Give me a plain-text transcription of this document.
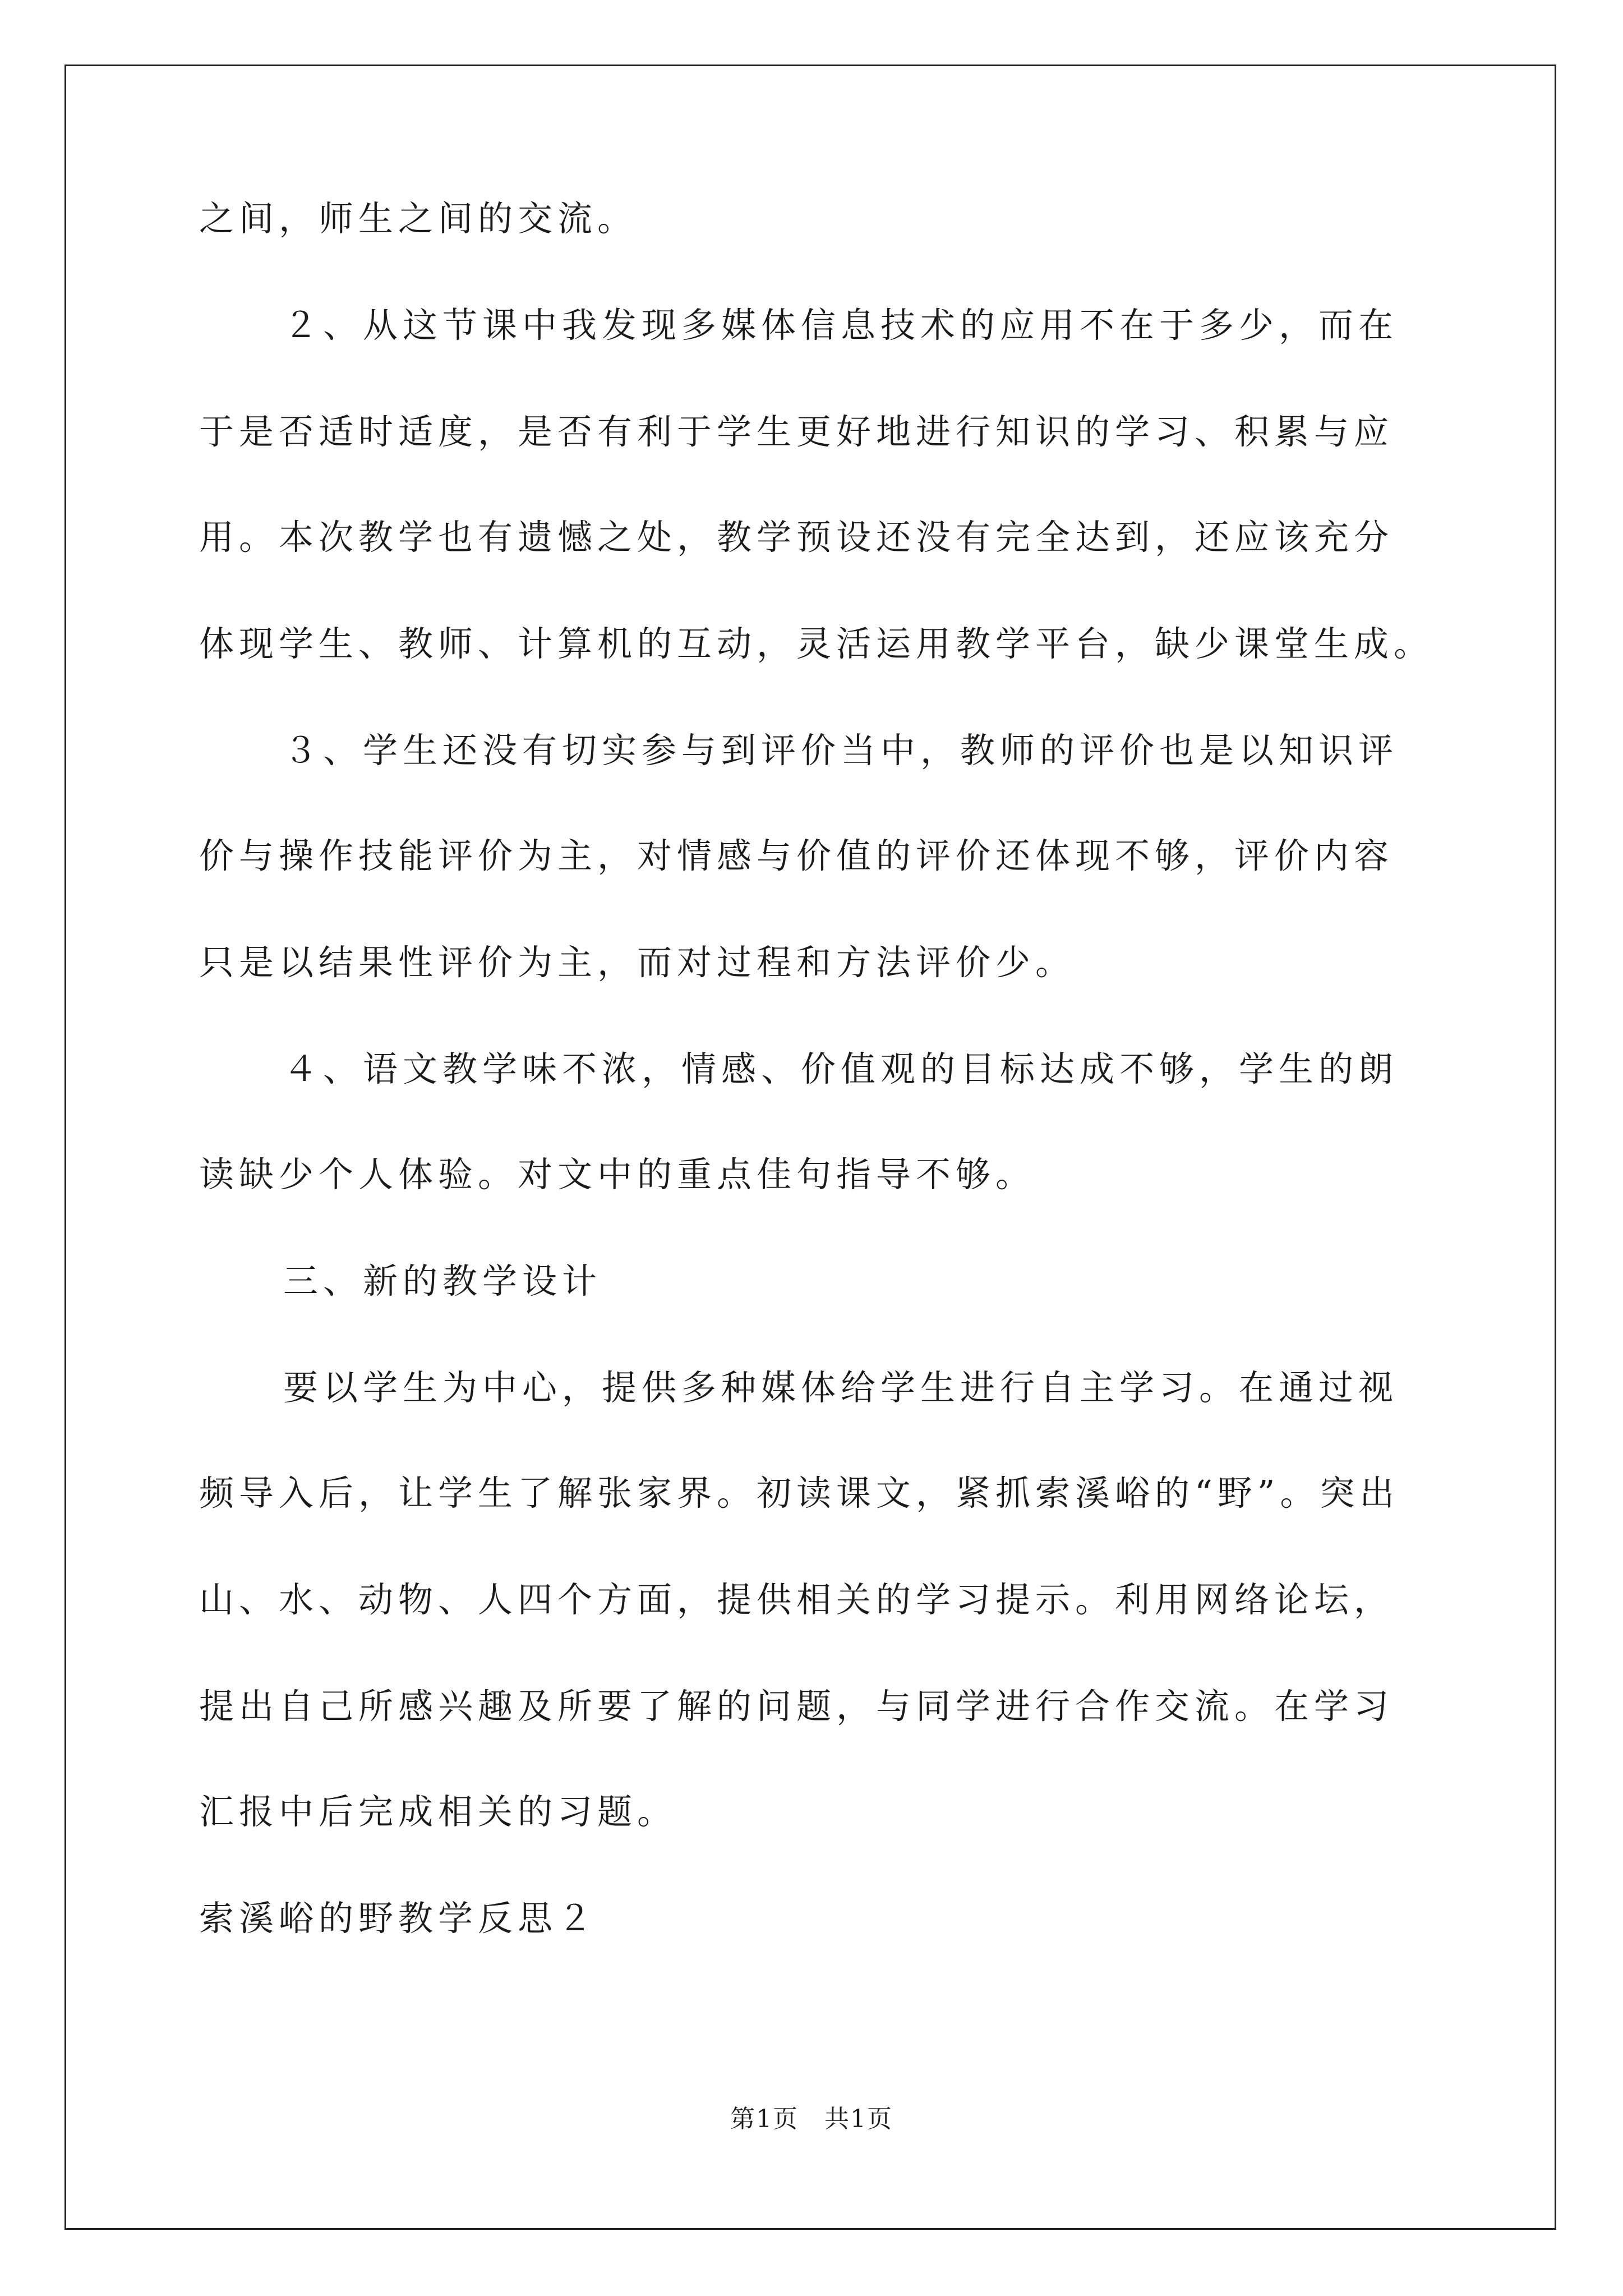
之间，师生之间的交流。
２、从这节课中我发现多媒体信息技术的应用不在于多少，而在
于是否适时适度，是否有利于学生更好地进行知识的学习、积累与应
用。本次教学也有遗憾之处，教学预设还没有完全达到，还应该充分
体现学生、教师、计算机的互动，灵活运用教学平台，缺少课堂生成。
３、学生还没有切实参与到评价当中，教师的评价也是以知识评
价与操作技能评价为主，对情感与价值的评价还体现不够，评价内容
只是以结果性评价为主，而对过程和方法评价少。
４、语文教学味不浓，情感、价值观的目标达成不够，学生的朗
读缺少个人体验。对文中的重点佳句指导不够。
三、新的教学设计
要以学生为中心，提供多种媒体给学生进行自主学习。在通过视
频导入后，让学生了解张家界。初读课文，紧抓索溪峪的“野”。突出
山、水、动物、人四个方面，提供相关的学习提示。利用网络论坛，
提出自己所感兴趣及所要了解的问题，与同学进行合作交流。在学习
汇报中后完成相关的习题。
索溪峪的野教学反思２
第1页　共1页
